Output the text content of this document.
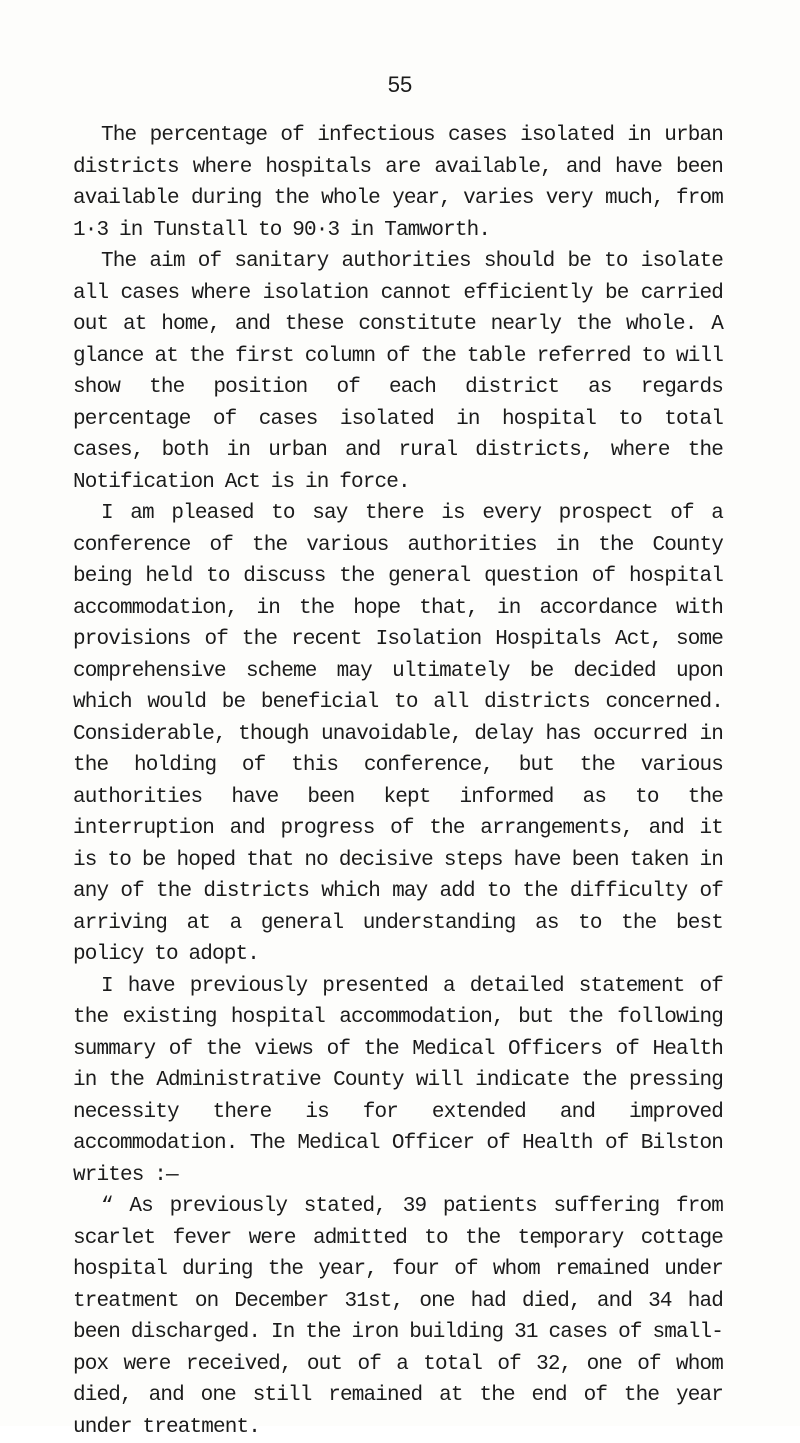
55

The percentage of infectious cases isolated in urban districts where hospitals are available, and have been available during the whole year, varies very much, from 1·3 in Tunstall to 90·3 in Tamworth.

The aim of sanitary authorities should be to isolate all cases where isolation cannot efficiently be carried out at home, and these constitute nearly the whole. A glance at the first column of the table referred to will show the position of each district as regards percentage of cases isolated in hospital to total cases, both in urban and rural districts, where the Notification Act is in force.

I am pleased to say there is every prospect of a conference of the various authorities in the County being held to discuss the general question of hospital accommodation, in the hope that, in accordance with provisions of the recent Isolation Hospitals Act, some comprehensive scheme may ultimately be decided upon which would be beneficial to all districts concerned. Considerable, though unavoidable, delay has occurred in the holding of this conference, but the various authorities have been kept informed as to the interruption and progress of the arrangements, and it is to be hoped that no decisive steps have been taken in any of the districts which may add to the difficulty of arriving at a general understanding as to the best policy to adopt.

I have previously presented a detailed statement of the existing hospital accommodation, but the following summary of the views of the Medical Officers of Health in the Administrative County will indicate the pressing necessity there is for extended and improved accommodation. The Medical Officer of Health of Bilston writes :—

“ As previously stated, 39 patients suffering from scarlet fever were admitted to the temporary cottage hospital during the year, four of whom remained under treatment on December 31st, one had died, and 34 had been discharged. In the iron building 31 cases of small-pox were received, out of a total of 32, one of whom died, and one still remained at the end of the year under treatment.
